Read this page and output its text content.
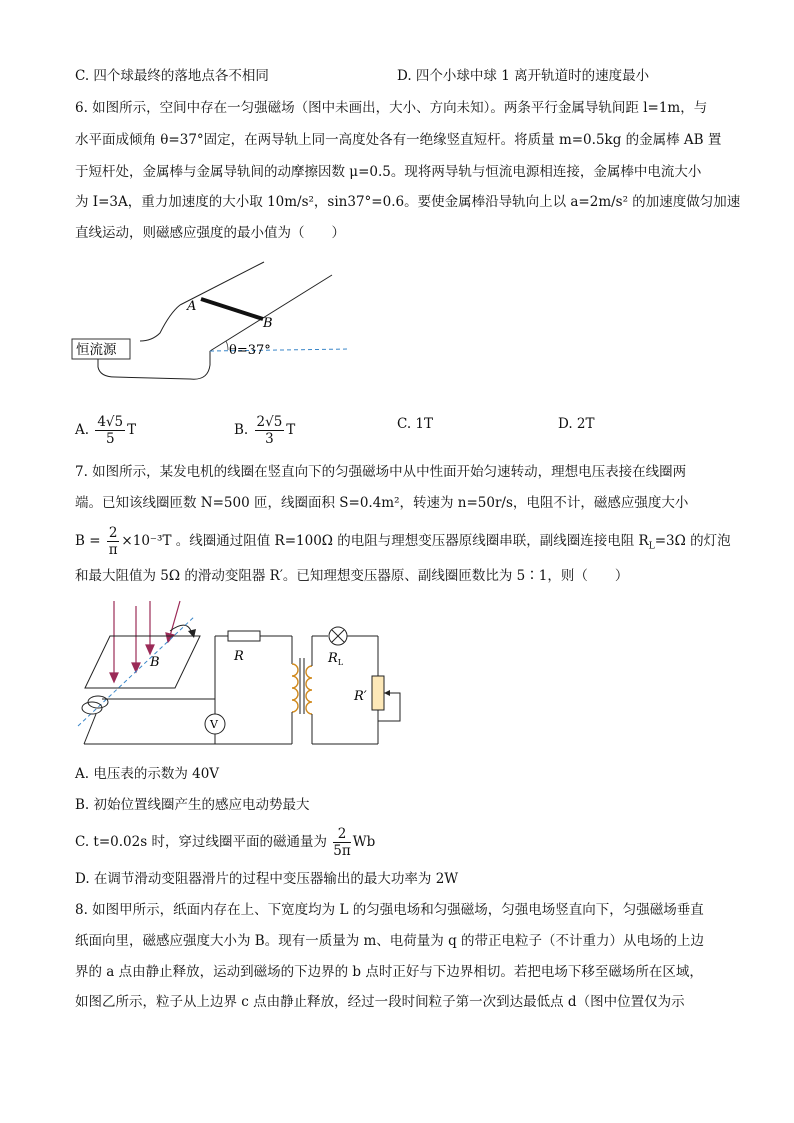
C. 四个球最终的落地点各不相同	D. 四个小球中球 1 离开轨道时的速度最小
6. 如图所示，空间中存在一匀强磁场（图中未画出，大小、方向未知）。两条平行金属导轨间距 l=1m，与
水平面成倾角 θ=37°固定，在两导轨上同一高度处各有一绝缘竖直短杆。将质量 m=0.5kg 的金属棒 AB 置
于短杆处，金属棒与金属导轨间的动摩擦因数 μ=0.5。现将两导轨与恒流电源相连接，金属棒中电流大小
为 I=3A，重力加速度的大小取 10m/s²，sin37°=0.6。要使金属棒沿导轨向上以 a=2m/s² 的加速度做匀加速
直线运动，则磁感应强度的最小值为（　　）
A
B
恒流源	θ=37°
A. $\frac{4√5}{5}$ T	B. $\frac{2√5}{3}$ T	C. 1T	D. 2T
7. 如图所示，某发电机的线圈在竖直向下的匀强磁场中从中性面开始匀速转动，理想电压表接在线圈两
端。已知该线圈匝数 N=500 匝，线圈面积 S=0.4m²，转速为 n=50r/s，电阻不计，磁感应强度大小
$B = \frac{2}{\pi} \times 10^{-3}T$ 。线圈通过阻值 R=100Ω 的电阻与理想变压器原线圈串联，副线圈连接电阻 $R_L=3\Omega$ 的灯泡
和最大阻值为 5Ω 的滑动变阻器 R′。已知理想变压器原、副线圈匝数比为 5∶1，则（　　）
B	R
V
$R_L$
R′
A. 电压表的示数为 40V
B. 初始位置线圈产生的感应电动势最大
C. t=0.02s 时，穿过线圈平面的磁通量为 $\frac{2}{5\pi}$ Wb
D. 在调节滑动变阻器滑片的过程中变压器输出的最大功率为 2W
8. 如图甲所示，纸面内存在上、下宽度均为 L 的匀强电场和匀强磁场，匀强电场竖直向下，匀强磁场垂直
纸面向里，磁感应强度大小为 B。现有一质量为 m、电荷量为 q 的带正电粒子（不计重力）从电场的上边
界的 a 点由静止释放，运动到磁场的下边界的 b 点时正好与下边界相切。若把电场下移至磁场所在区域，
如图乙所示，粒子从上边界 c 点由静止释放，经过一段时间粒子第一次到达最低点 d（图中位置仅为示
